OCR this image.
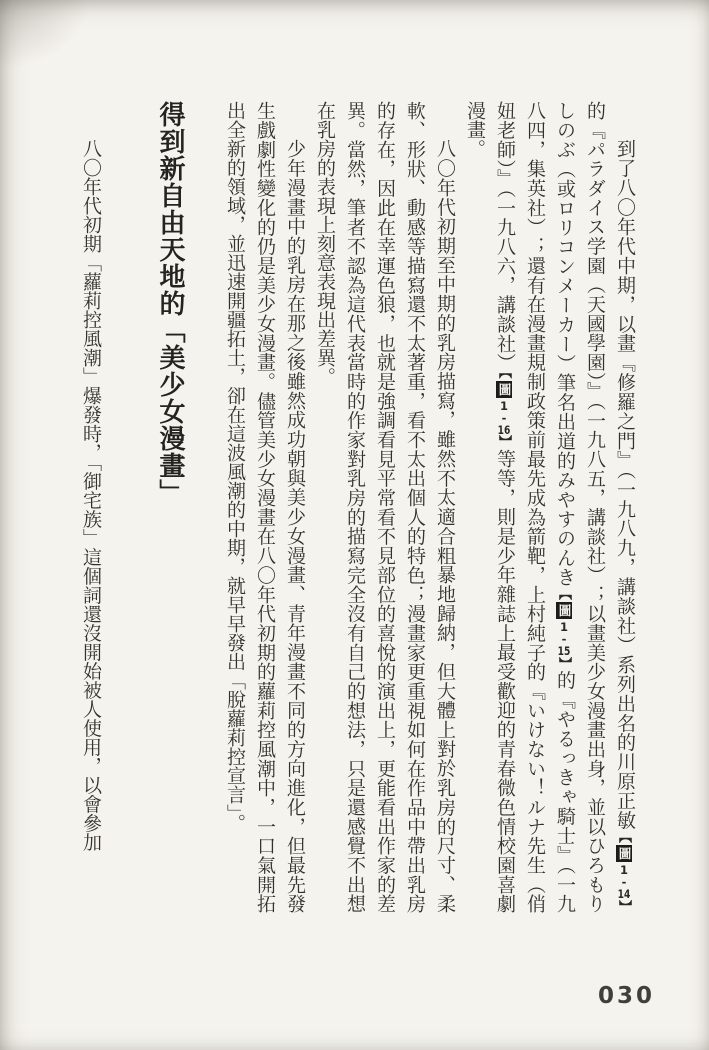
到了八〇年代中期，以畫『修羅之門』（一九八九，講談社）系列出名的川原正敏【圖1-14】的『パラダイス学園（天國學園）』（一九八五，講談社）；以畫美少女漫畫出身，並以ひろもりしのぶ（或ロリコンメーカー）筆名出道的みやすのんき【圖1-15】的『やるっきゃ騎士』（一九八四，集英社）；還有在漫畫規制政策前最先成為箭靶，上村純子的『いけない！ルナ先生（俏妞老師）』（一九八六，講談社）【圖1-16】等等，則是少年雜誌上最受歡迎的青春微色情校園喜劇漫畫。

八〇年代初期至中期的乳房描寫，雖然不太適合粗暴地歸納，但大體上對於乳房的尺寸、柔軟、形狀、動感等描寫還不太著重，看不太出個人的特色；漫畫家更重視如何在作品中帶出乳房的存在，因此在幸運色狼，也就是強調看見平常看不見部位的喜悅的演出上，更能看出作家的差異。當然，筆者不認為這代表當時的作家對乳房的描寫完全沒有自己的想法，只是還感覺不出想在乳房的表現上刻意表現出差異。

少年漫畫中的乳房在那之後雖然成功朝與美少女漫畫、青年漫畫不同的方向進化，但最先發生戲劇性變化的仍是美少女漫畫。儘管美少女漫畫在八〇年代初期的蘿莉控風潮中，一口氣開拓出全新的領域，並迅速開疆拓土，卻在這波風潮的中期，就早早發出「脫蘿莉控宣言」。

得到新自由天地的「美少女漫畫」

八〇年代初期「蘿莉控風潮」爆發時，「御宅族」這個詞還沒開始被人使用，以會參加

030
